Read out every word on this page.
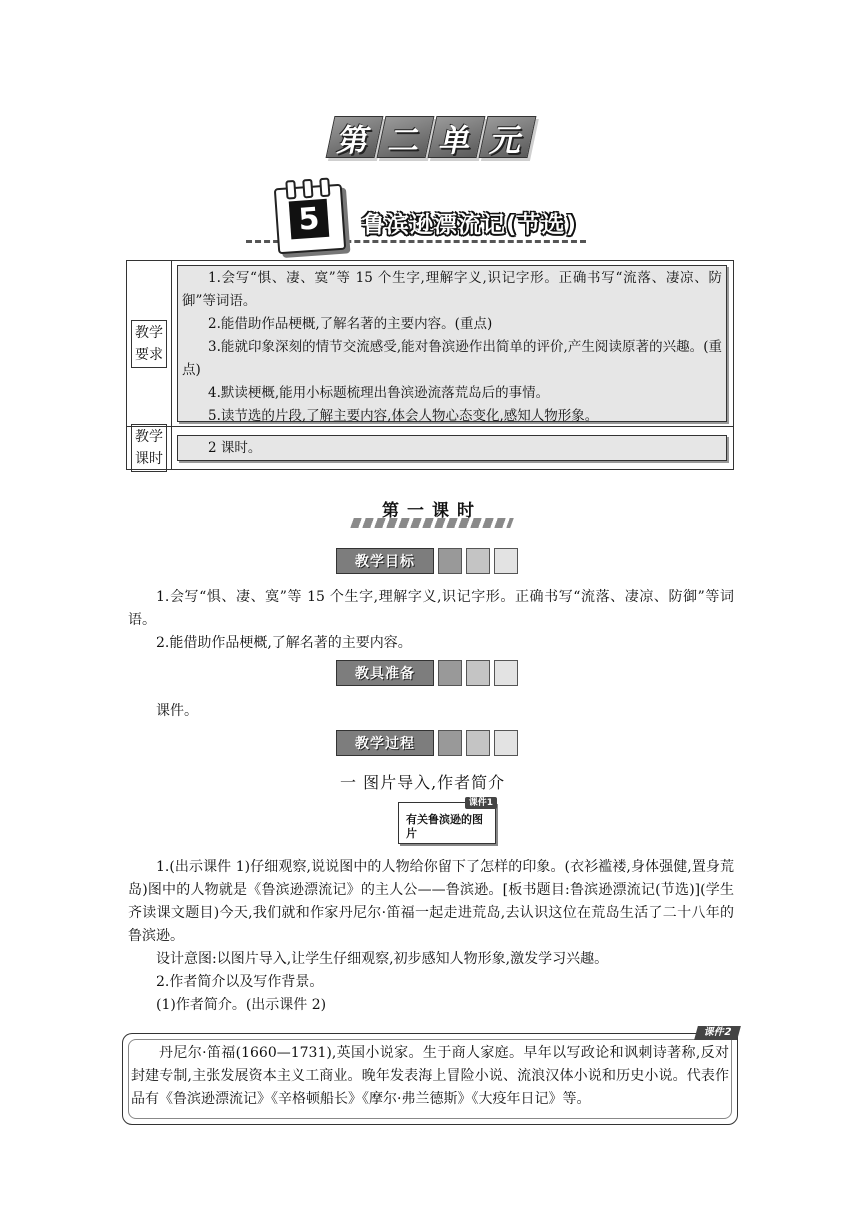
第 二 单 元
5	鲁滨逊漂流记(节选)
教学要求

1.会写“惧、凄、寞”等 15 个生字,理解字义,识记字形。正确书写“流落、凄凉、防御”等词语。

2.能借助作品梗概,了解名著的主要内容。(重点)

3.能就印象深刻的情节交流感受,能对鲁滨逊作出简单的评价,产生阅读原著的兴趣。(重点)

4.默读梗概,能用小标题梳理出鲁滨逊流落荒岛后的事情。

5.读节选的片段,了解主要内容,体会人物心态变化,感知人物形象。

教学课时

2 课时。

第一课时
教学目标

1.会写“惧、凄、寞”等 15 个生字,理解字义,识记字形。正确书写“流落、凄凉、防御”等词语。

2.能借助作品梗概,了解名著的主要内容。

教具准备

课件。

教学过程
一 图片导入,作者简介
课件1
有关鲁滨逊的图片

1.(出示课件 1)仔细观察,说说图中的人物给你留下了怎样的印象。(衣衫褴褛,身体强健,置身荒岛)图中的人物就是《鲁滨逊漂流记》的主人公——鲁滨逊。[板书题目:鲁滨逊漂流记(节选)](学生齐读课文题目)今天,我们就和作家丹尼尔·笛福一起走进荒岛,去认识这位在荒岛生活了二十八年的鲁滨逊。

设计意图:以图片导入,让学生仔细观察,初步感知人物形象,激发学习兴趣。

2.作者简介以及写作背景。

(1)作者简介。(出示课件 2)

课件2

丹尼尔·笛福(1660—1731),英国小说家。生于商人家庭。早年以写政论和讽刺诗著称,反对封建专制,主张发展资本主义工商业。晚年发表海上冒险小说、流浪汉体小说和历史小说。代表作品有《鲁滨逊漂流记》《辛格顿船长》《摩尔·弗兰德斯》《大疫年日记》等。
